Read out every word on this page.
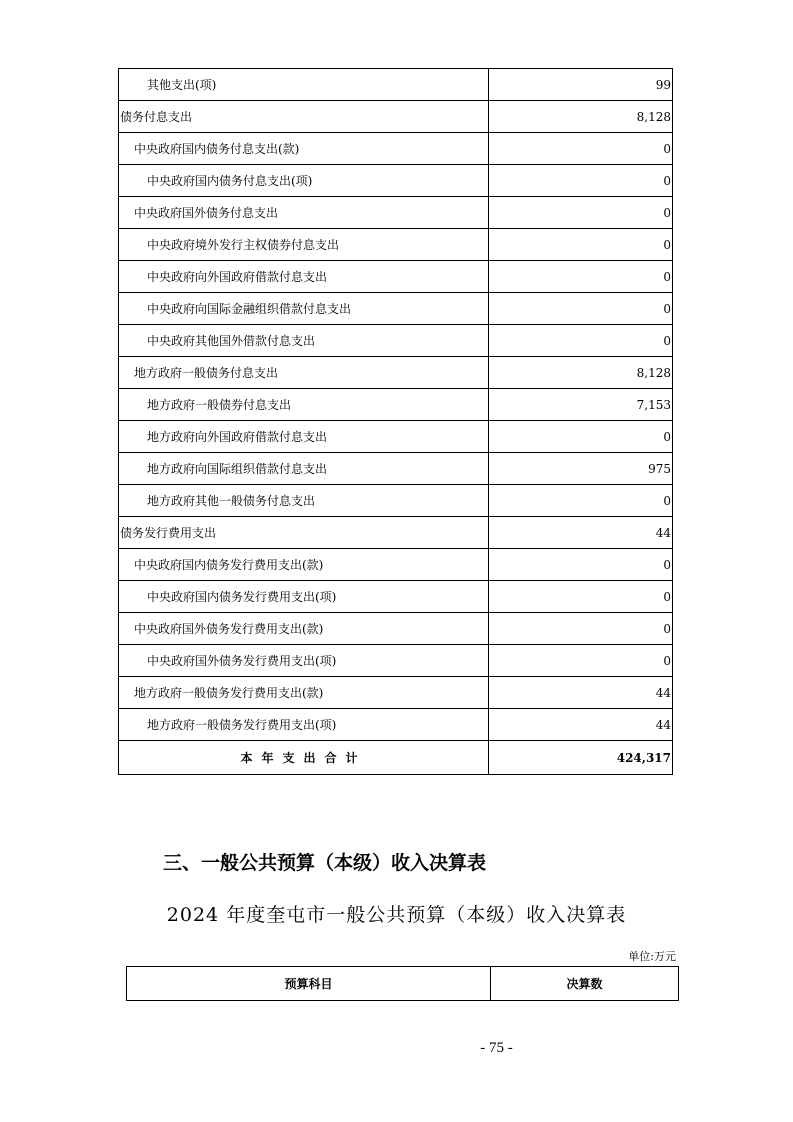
其他支出(项)	99
债务付息支出	8,128
中央政府国内债务付息支出(款)	0
中央政府国内债务付息支出(项)	0
中央政府国外债务付息支出	0
中央政府境外发行主权债券付息支出	0
中央政府向外国政府借款付息支出	0
中央政府向国际金融组织借款付息支出	0
中央政府其他国外借款付息支出	0
地方政府一般债务付息支出	8,128
地方政府一般债券付息支出	7,153
地方政府向外国政府借款付息支出	0
地方政府向国际组织借款付息支出	975
地方政府其他一般债务付息支出	0
债务发行费用支出	44
中央政府国内债务发行费用支出(款)	0
中央政府国内债务发行费用支出(项)	0
中央政府国外债务发行费用支出(款)	0
中央政府国外债务发行费用支出(项)	0
地方政府一般债务发行费用支出(款)	44
地方政府一般债务发行费用支出(项)	44
本年支出合计	424,317
三、一般公共预算（本级）收入决算表
2024 年度奎屯市一般公共预算（本级）收入决算表
单位:万元
预算科目	决算数
- 75 -
